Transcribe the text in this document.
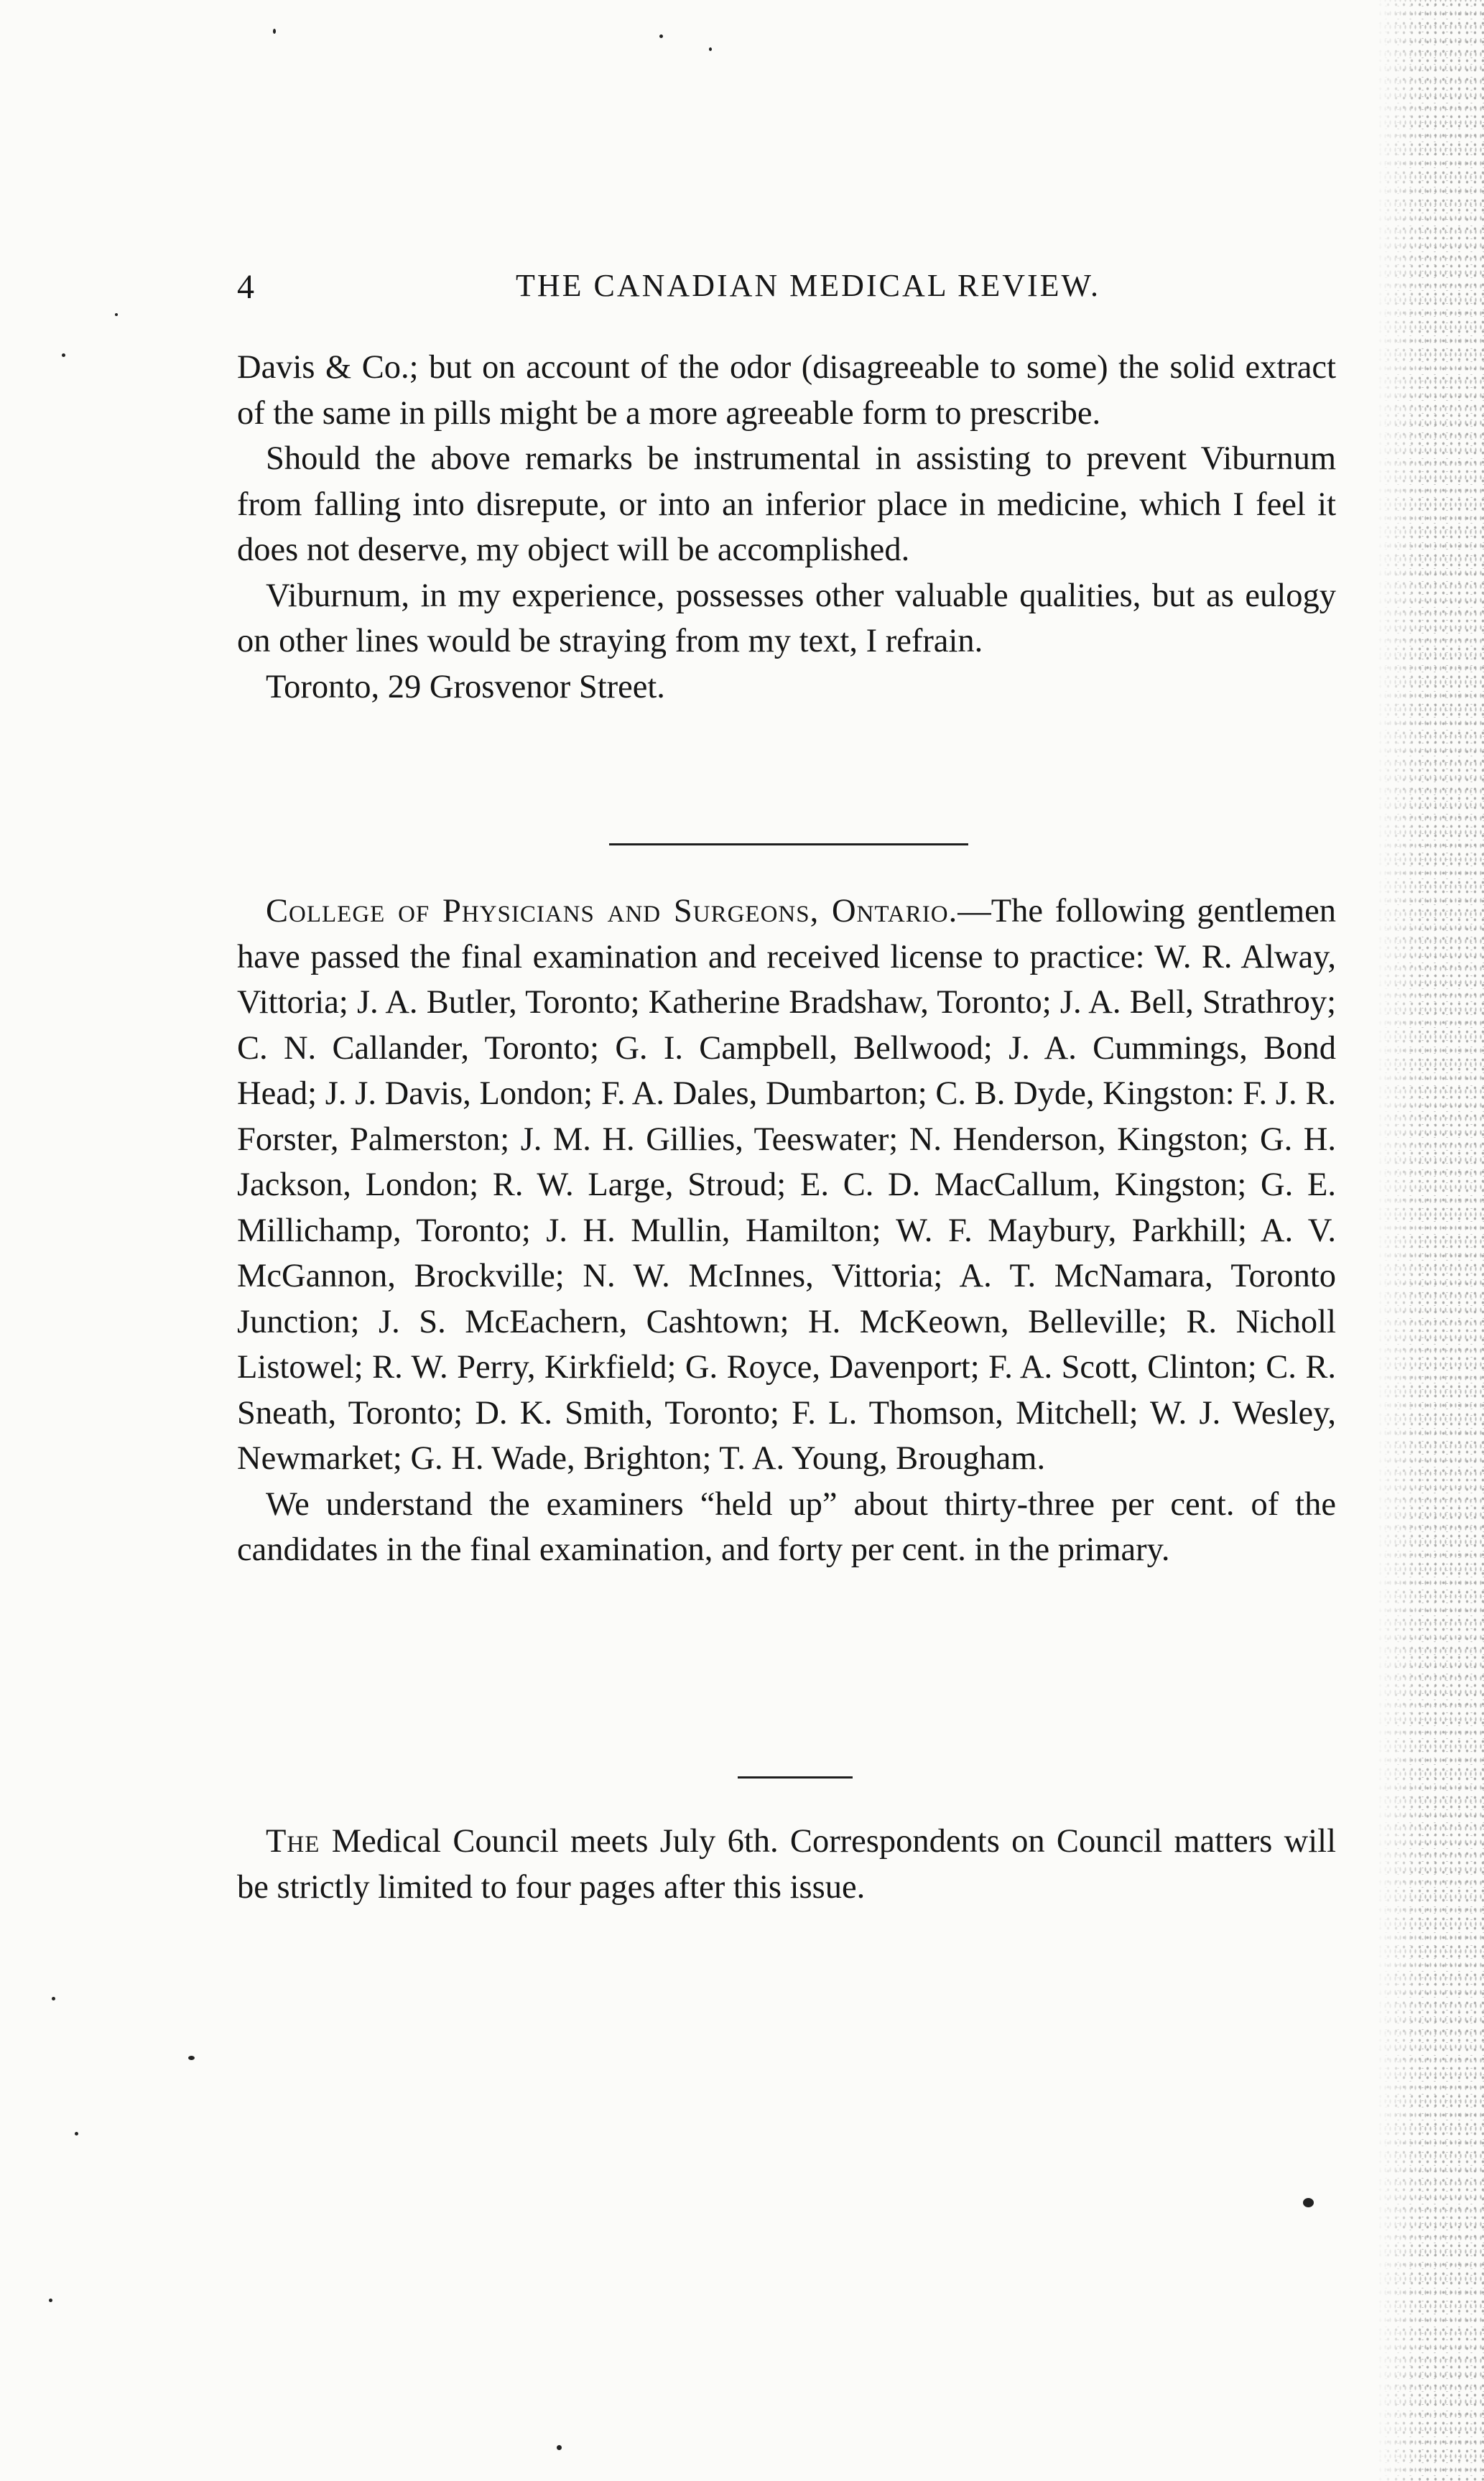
4	THE CANADIAN MEDICAL REVIEW.

Davis & Co.; but on account of the odor (disagreeable to some) the solid extract of the same in pills might be a more agreeable form to prescribe.

Should the above remarks be instrumental in assisting to prevent Viburnum from falling into disrepute, or into an inferior place in medicine, which I feel it does not deserve, my object will be accomplished.

Viburnum, in my experience, possesses other valuable qualities, but as eulogy on other lines would be straying from my text, I refrain.

Toronto, 29 Grosvenor Street.

College of Physicians and Surgeons, Ontario.—The following gentlemen have passed the final examination and received license to practice: W. R. Alway, Vittoria; J. A. Butler, Toronto; Katherine Bradshaw, Toronto; J. A. Bell, Strathroy; C. N. Callander, Toronto; G. I. Campbell, Bellwood; J. A. Cummings, Bond Head; J. J. Davis, London; F. A. Dales, Dumbarton; C. B. Dyde, Kingston: F. J. R. Forster, Palmerston; J. M. H. Gillies, Teeswater; N. Henderson, Kingston; G. H. Jackson, London; R. W. Large, Stroud; E. C. D. MacCallum, Kingston; G. E. Millichamp, Toronto; J. H. Mullin, Hamilton; W. F. Maybury, Parkhill; A. V. McGannon, Brockville; N. W. McInnes, Vittoria; A. T. McNamara, Toronto Junction; J. S. McEachern, Cashtown; H. McKeown, Belleville; R. Nicholl Listowel; R. W. Perry, Kirkfield; G. Royce, Davenport; F. A. Scott, Clinton; C. R. Sneath, Toronto; D. K. Smith, Toronto; F. L. Thomson, Mitchell; W. J. Wesley, Newmarket; G. H. Wade, Brighton; T. A. Young, Brougham.

We understand the examiners “held up” about thirty-three per cent. of the candidates in the final examination, and forty per cent. in the primary.

The Medical Council meets July 6th. Correspondents on Council matters will be strictly limited to four pages after this issue.
